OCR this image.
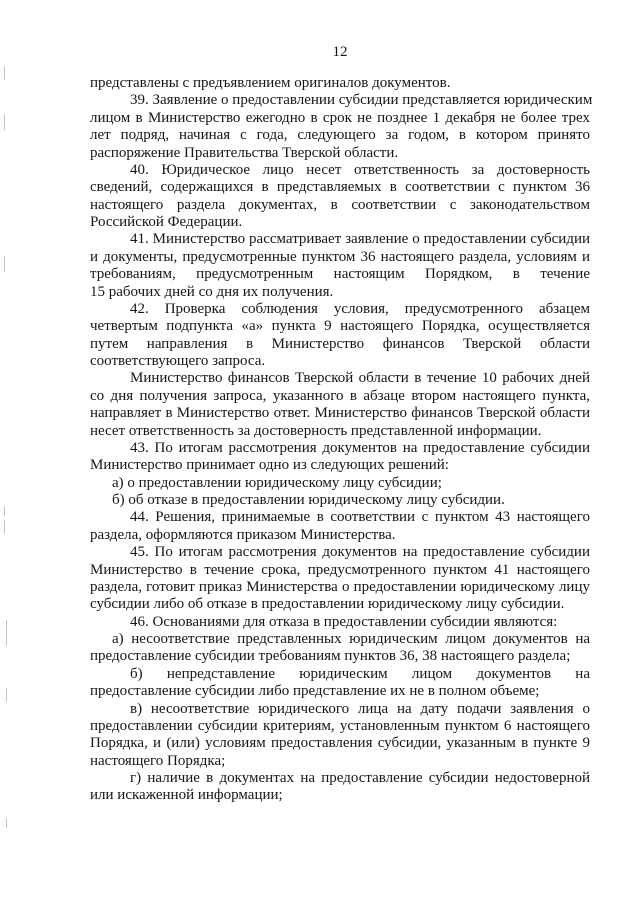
12
представлены с предъявлением оригиналов документов.
39. Заявление о предоставлении субсидии представляется юридическим
лицом в Министерство ежегодно в срок не позднее 1 декабря не более трех
лет подряд, начиная с года, следующего за годом, в котором принято
распоряжение Правительства Тверской области.
40. Юридическое лицо несет ответственность за достоверность
сведений, содержащихся в представляемых в соответствии с пунктом 36
настоящего раздела документах, в соответствии с законодательством
Российской Федерации.
41. Министерство рассматривает заявление о предоставлении субсидии
и документы, предусмотренные пунктом 36 настоящего раздела, условиям и
требованиям, предусмотренным настоящим Порядком, в течение
15 рабочих дней со дня их получения.
42. Проверка соблюдения условия, предусмотренного абзацем
четвертым подпункта «а» пункта 9 настоящего Порядка, осуществляется
путем направления в Министерство финансов Тверской области
соответствующего запроса.
Министерство финансов Тверской области в течение 10 рабочих дней
со дня получения запроса, указанного в абзаце втором настоящего пункта,
направляет в Министерство ответ. Министерство финансов Тверской области
несет ответственность за достоверность представленной информации.
43. По итогам рассмотрения документов на предоставление субсидии
Министерство принимает одно из следующих решений:
а) о предоставлении юридическому лицу субсидии;
б) об отказе в предоставлении юридическому лицу субсидии.
44. Решения, принимаемые в соответствии с пунктом 43 настоящего
раздела, оформляются приказом Министерства.
45. По итогам рассмотрения документов на предоставление субсидии
Министерство в течение срока, предусмотренного пунктом 41 настоящего
раздела, готовит приказ Министерства о предоставлении юридическому лицу
субсидии либо об отказе в предоставлении юридическому лицу субсидии.
46. Основаниями для отказа в предоставлении субсидии являются:
а) несоответствие представленных юридическим лицом документов на
предоставление субсидии требованиям пунктов 36, 38 настоящего раздела;
б) непредставление юридическим лицом документов на
предоставление субсидии либо представление их не в полном объеме;
в) несоответствие юридического лица на дату подачи заявления о
предоставлении субсидии критериям, установленным пунктом 6 настоящего
Порядка, и (или) условиям предоставления субсидии, указанным в пункте 9
настоящего Порядка;
г) наличие в документах на предоставление субсидии недостоверной
или искаженной информации;
